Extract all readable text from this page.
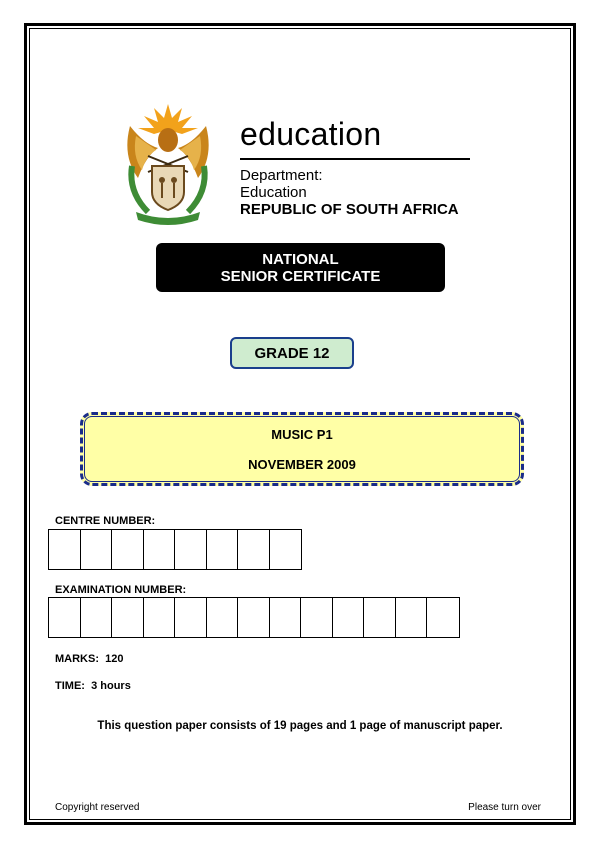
education
Department:
Education
REPUBLIC OF SOUTH AFRICA
NATIONAL
SENIOR CERTIFICATE
GRADE 12
MUSIC P1
NOVEMBER 2009
CENTRE NUMBER:
EXAMINATION NUMBER:
MARKS: 120
TIME: 3 hours
This question paper consists of 19 pages and 1 page of manuscript paper.
Copyright reserved	Please turn over
